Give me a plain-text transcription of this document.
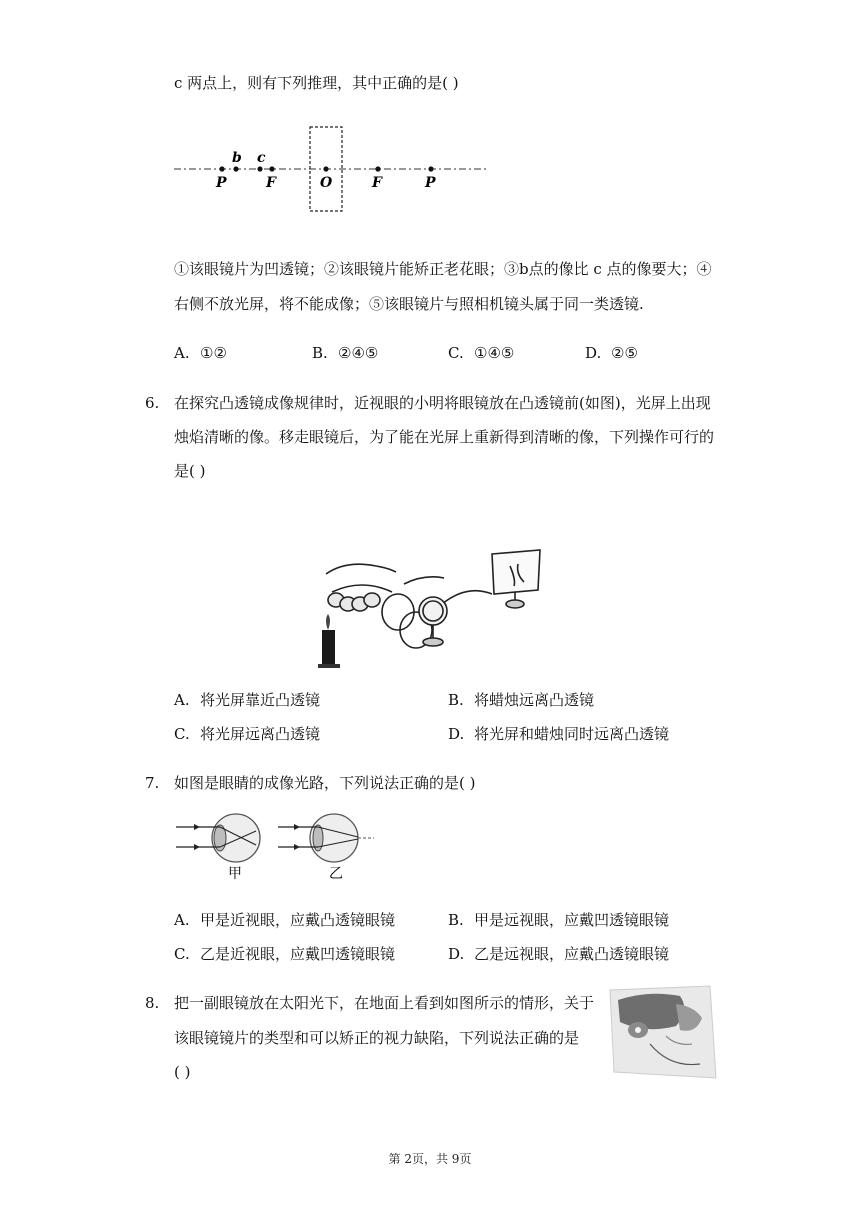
c 两点上，则有下列推理，其中正确的是( )
P
b c
F	O	F	P
①该眼镜片为凹透镜；②该眼镜片能矫正老花眼；③b点的像比 c 点的像要大；④
右侧不放光屏，将不能成像；⑤该眼镜片与照相机镜头属于同一类透镜.
A. ①②	B. ②④⑤	C. ①④⑤	D. ②⑤
6. 在探究凸透镜成像规律时，近视眼的小明将眼镜放在凸透镜前(如图)，光屏上出现
烛焰清晰的像。移走眼镜后，为了能在光屏上重新得到清晰的像，下列操作可行的
是( )
A. 将光屏靠近凸透镜	B. 将蜡烛远离凸透镜
C. 将光屏远离凸透镜	D. 将光屏和蜡烛同时远离凸透镜
7. 如图是眼睛的成像光路，下列说法正确的是( )
甲	乙
A. 甲是近视眼，应戴凸透镜眼镜	B. 甲是远视眼，应戴凹透镜眼镜
C. 乙是近视眼，应戴凹透镜眼镜	D. 乙是远视眼，应戴凸透镜眼镜
8. 把一副眼镜放在太阳光下，在地面上看到如图所示的情形，关于
该眼镜镜片的类型和可以矫正的视力缺陷，下列说法正确的是
( )
第 2页，共 9页
